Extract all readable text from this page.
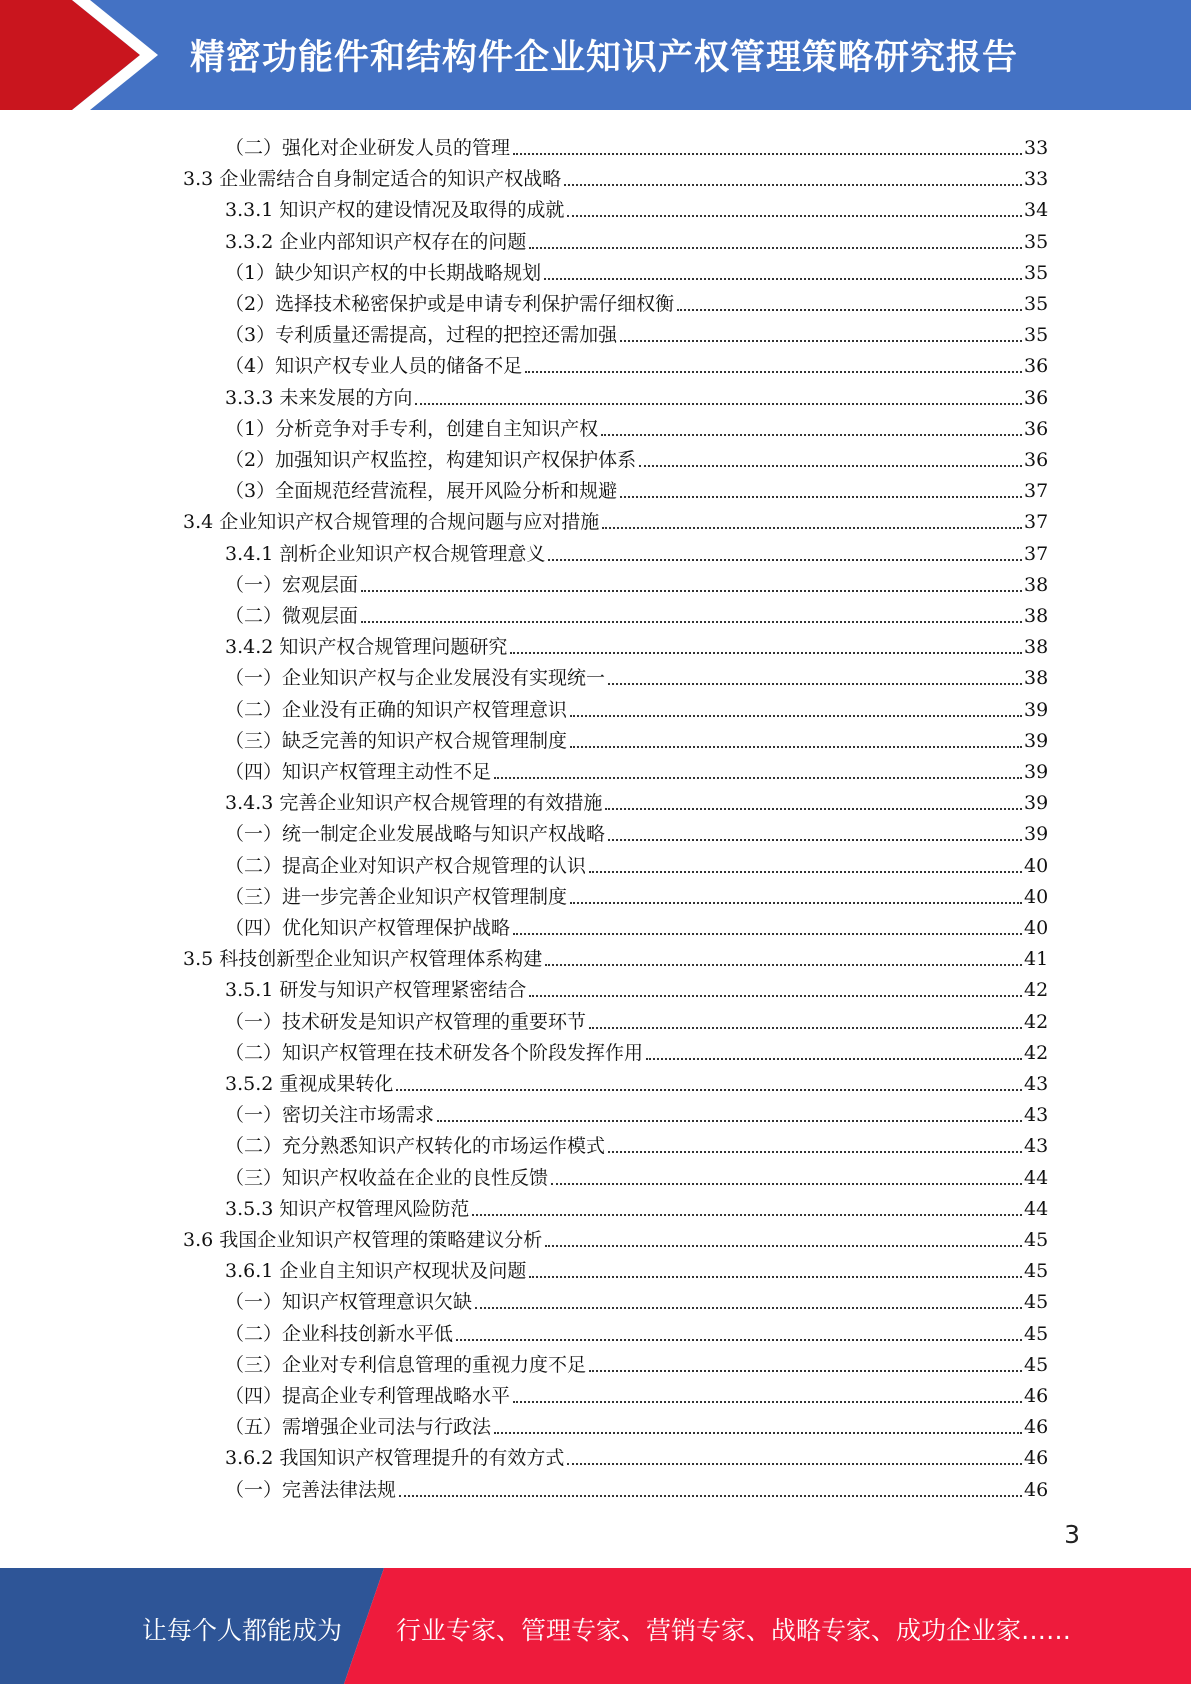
精密功能件和结构件企业知识产权管理策略研究报告
（二）强化对企业研发人员的管理	33
3.3 企业需结合自身制定适合的知识产权战略	33
3.3.1 知识产权的建设情况及取得的成就	34
3.3.2 企业内部知识产权存在的问题	35
（1）缺少知识产权的中长期战略规划	35
（2）选择技术秘密保护或是申请专利保护需仔细权衡	35
（3）专利质量还需提高，过程的把控还需加强	35
（4）知识产权专业人员的储备不足	36
3.3.3 未来发展的方向	36
（1）分析竞争对手专利，创建自主知识产权	36
（2）加强知识产权监控，构建知识产权保护体系	36
（3）全面规范经营流程，展开风险分析和规避	37
3.4 企业知识产权合规管理的合规问题与应对措施	37
3.4.1 剖析企业知识产权合规管理意义	37
（一）宏观层面	38
（二）微观层面	38
3.4.2 知识产权合规管理问题研究	38
（一）企业知识产权与企业发展没有实现统一	38
（二）企业没有正确的知识产权管理意识	39
（三）缺乏完善的知识产权合规管理制度	39
（四）知识产权管理主动性不足	39
3.4.3 完善企业知识产权合规管理的有效措施	39
（一）统一制定企业发展战略与知识产权战略	39
（二）提高企业对知识产权合规管理的认识	40
（三）进一步完善企业知识产权管理制度	40
（四）优化知识产权管理保护战略	40
3.5 科技创新型企业知识产权管理体系构建	41
3.5.1 研发与知识产权管理紧密结合	42
（一）技术研发是知识产权管理的重要环节	42
（二）知识产权管理在技术研发各个阶段发挥作用	42
3.5.2 重视成果转化	43
（一）密切关注市场需求	43
（二）充分熟悉知识产权转化的市场运作模式	43
（三）知识产权收益在企业的良性反馈	44
3.5.3 知识产权管理风险防范	44
3.6 我国企业知识产权管理的策略建议分析	45
3.6.1 企业自主知识产权现状及问题	45
（一）知识产权管理意识欠缺	45
（二）企业科技创新水平低	45
（三）企业对专利信息管理的重视力度不足	45
（四）提高企业专利管理战略水平	46
（五）需增强企业司法与行政法	46
3.6.2 我国知识产权管理提升的有效方式	46
（一）完善法律法规	46
3
让每个人都能成为 行业专家、管理专家、营销专家、战略专家、成功企业家……
